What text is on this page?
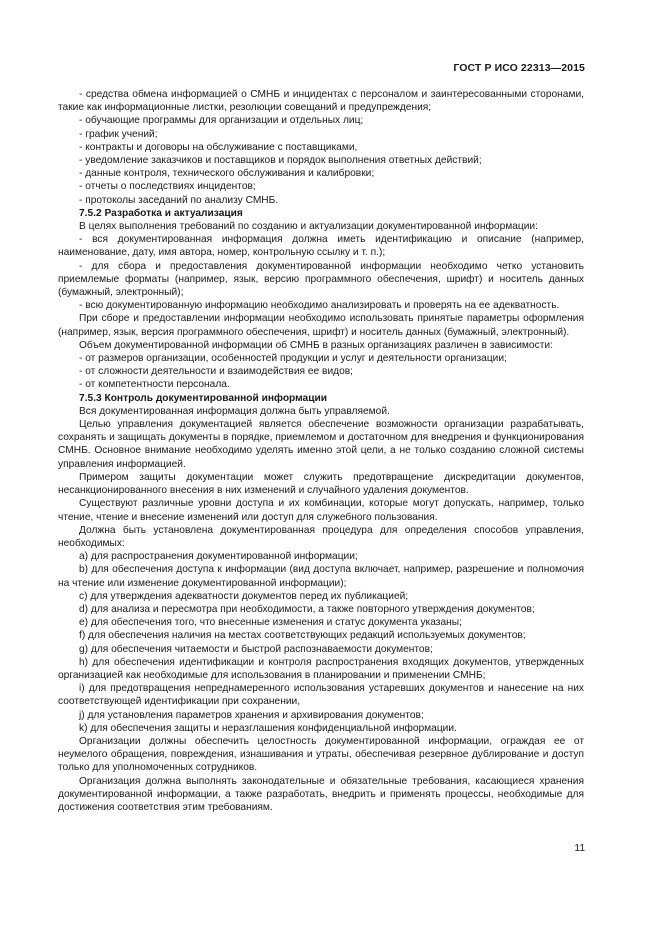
ГОСТ Р ИСО 22313—2015
- средства обмена информацией о СМНБ и инцидентах с персоналом и заинтересованными сторонами, такие как информационные листки, резолюции совещаний и предупреждения;
- обучающие программы для организации и отдельных лиц;
- график учений;
- контракты и договоры на обслуживание с поставщиками,
- уведомление заказчиков и поставщиков и порядок выполнения ответных действий;
- данные контроля, технического обслуживания и калибровки;
- отчеты о последствиях инцидентов;
- протоколы заседаний по анализу СМНБ.
7.5.2 Разработка и актуализация
В целях выполнения требований по созданию и актуализации документированной информации:
- вся документированная информация должна иметь идентификацию и описание (например, наименование, дату, имя автора, номер, контрольную ссылку и т. п.);
- для сбора и предоставления документированной информации необходимо четко установить приемлемые форматы (например, язык, версию программного обеспечения, шрифт) и носитель данных (бумажный, электронный);
- всю документированную информацию необходимо анализировать и проверять на ее адекватность.
При сборе и предоставлении информации необходимо использовать принятые параметры оформления (например, язык, версия программного обеспечения, шрифт) и носитель данных (бумажный, электронный).
Объем документированной информации об СМНБ в разных организациях различен в зависимости:
- от размеров организации, особенностей продукции и услуг и деятельности организации;
- от сложности деятельности и взаимодействия ее видов;
- от компетентности персонала.
7.5.3 Контроль документированной информации
Вся документированная информация должна быть управляемой.
Целью управления документацией является обеспечение возможности организации разрабатывать, сохранять и защищать документы в порядке, приемлемом и достаточном для внедрения и функционирования СМНБ. Основное внимание необходимо уделять именно этой цели, а не только созданию сложной системы управления информацией.
Примером защиты документации может служить предотвращение дискредитации документов, несанкционированного внесения в них изменений и случайного удаления документов.
Существуют различные уровни доступа и их комбинации, которые могут допускать, например, только чтение, чтение и внесение изменений или доступ для служебного пользования.
Должна быть установлена документированная процедура для определения способов управления, необходимых:
a) для распространения документированной информации;
b) для обеспечения доступа к информации (вид доступа включает, например, разрешение и полномочия на чтение или изменение документированной информации);
c) для утверждения адекватности документов перед их публикацией;
d) для анализа и пересмотра при необходимости, а также повторного утверждения документов;
e) для обеспечения того, что внесенные изменения и статус документа указаны;
f) для обеспечения наличия на местах соответствующих редакций используемых документов;
g) для обеспечения читаемости и быстрой распознаваемости документов;
h) для обеспечения идентификации и контроля распространения входящих документов, утвержденных организацией как необходимые для использования в планировании и применении СМНБ;
i) для предотвращения непреднамеренного использования устаревших документов и нанесение на них соответствующей идентификации при сохранении,
j) для установления параметров хранения и архивирования документов;
k) для обеспечения защиты и неразглашения конфиденциальной информации.
Организации должны обеспечить целостность документированной информации, ограждая ее от неумелого обращения, повреждения, изнашивания и утраты, обеспечивая резервное дублирование и доступ только для уполномоченных сотрудников.
Организация должна выполнять законодательные и обязательные требования, касающиеся хранения документированной информации, а также разработать, внедрить и применять процессы, необходимые для достижения соответствия этим требованиям.
11
